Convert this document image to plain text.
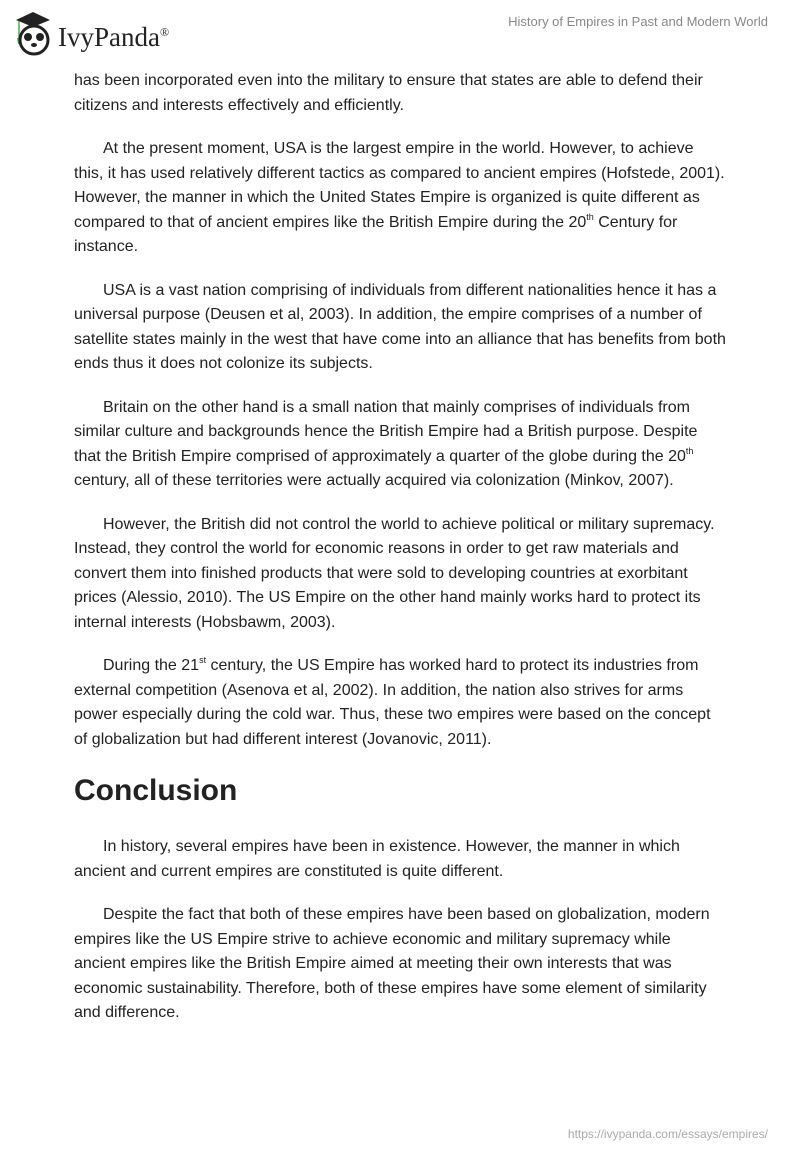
IvyPanda®
History of Empires in Past and Modern World

has been incorporated even into the military to ensure that states are able to defend their citizens and interests effectively and efficiently.

At the present moment, USA is the largest empire in the world. However, to achieve this, it has used relatively different tactics as compared to ancient empires (Hofstede, 2001). However, the manner in which the United States Empire is organized is quite different as compared to that of ancient empires like the British Empire during the 20th Century for instance.

USA is a vast nation comprising of individuals from different nationalities hence it has a universal purpose (Deusen et al, 2003). In addition, the empire comprises of a number of satellite states mainly in the west that have come into an alliance that has benefits from both ends thus it does not colonize its subjects.

Britain on the other hand is a small nation that mainly comprises of individuals from similar culture and backgrounds hence the British Empire had a British purpose. Despite that the British Empire comprised of approximately a quarter of the globe during the 20th century, all of these territories were actually acquired via colonization (Minkov, 2007).

However, the British did not control the world to achieve political or military supremacy. Instead, they control the world for economic reasons in order to get raw materials and convert them into finished products that were sold to developing countries at exorbitant prices (Alessio, 2010). The US Empire on the other hand mainly works hard to protect its internal interests (Hobsbawm, 2003).

During the 21st century, the US Empire has worked hard to protect its industries from external competition (Asenova et al, 2002). In addition, the nation also strives for arms power especially during the cold war. Thus, these two empires were based on the concept of globalization but had different interest (Jovanovic, 2011).

Conclusion

In history, several empires have been in existence. However, the manner in which ancient and current empires are constituted is quite different.

Despite the fact that both of these empires have been based on globalization, modern empires like the US Empire strive to achieve economic and military supremacy while ancient empires like the British Empire aimed at meeting their own interests that was economic sustainability. Therefore, both of these empires have some element of similarity and difference.

https://ivypanda.com/essays/empires/
